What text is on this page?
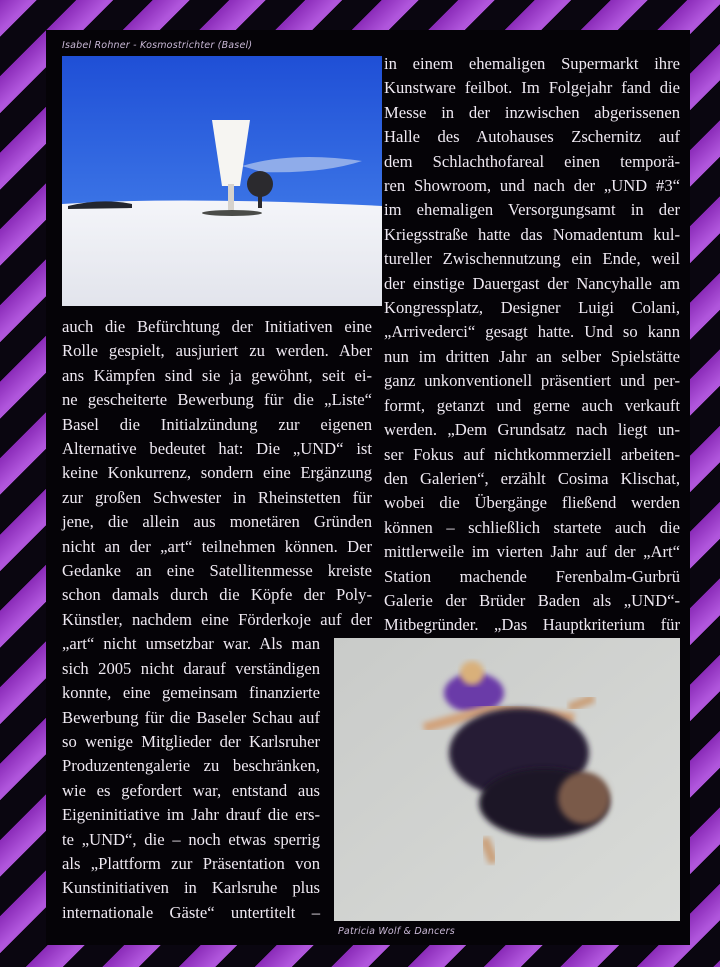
Isabel Rohner - Kosmostrichter (Basel)
in einem ehemaligen Supermarkt ihre
Kunstware feilbot. Im Folgejahr fand die
Messe in der inzwischen abgerissenen
Halle des Autohauses Zschernitz auf
dem Schlachthofareal einen temporä-
ren Showroom, und nach der „UND #3“
im ehemaligen Versorgungsamt in der
Kriegsstraße hatte das Nomadentum kul-
tureller Zwischennutzung ein Ende, weil
der einstige Dauergast der Nancyhalle am
Kongressplatz, Designer Luigi Colani,
„Arrivederci“ gesagt hatte. Und so kann
nun im dritten Jahr an selber Spielstätte
ganz unkonventionell präsentiert und per-
formt, getanzt und gerne auch verkauft
werden. „Dem Grundsatz nach liegt un-
ser Fokus auf nichtkommerziell arbeiten-
den Galerien“, erzählt Cosima Klischat,
wobei die Übergänge fließend werden
können – schließlich startete auch die
mittlerweile im vierten Jahr auf der „Art“
Station machende Ferenbalm-Gurbrü
Galerie der Brüder Baden als „UND“-
Mitbegründer. „Das Hauptkriterium für
auch die Befürchtung der Initiativen eine
Rolle gespielt, ausjuriert zu werden. Aber
ans Kämpfen sind sie ja gewöhnt, seit ei-
ne gescheiterte Bewerbung für die „Liste“
Basel die Initialzündung zur eigenen
Alternative bedeutet hat: Die „UND“ ist
keine Konkurrenz, sondern eine Ergänzung
zur großen Schwester in Rheinstetten für
jene, die allein aus monetären Gründen
nicht an der „art“ teilnehmen können. Der
Gedanke an eine Satellitenmesse kreiste
schon damals durch die Köpfe der Poly-
Künstler, nachdem eine Förderkoje auf der
„art“ nicht umsetzbar war. Als man
sich 2005 nicht darauf verständigen
konnte, eine gemeinsam finanzierte
Bewerbung für die Baseler Schau auf
so wenige Mitglieder der Karlsruher
Produzentengalerie zu beschränken,
wie es gefordert war, entstand aus
Eigeninitiative im Jahr drauf die ers-
te „UND“, die – noch etwas sperrig
als „Plattform zur Präsentation von
Kunstinitiativen in Karlsruhe plus
internationale Gäste“ untertitelt –
Patricia Wolf & Dancers
